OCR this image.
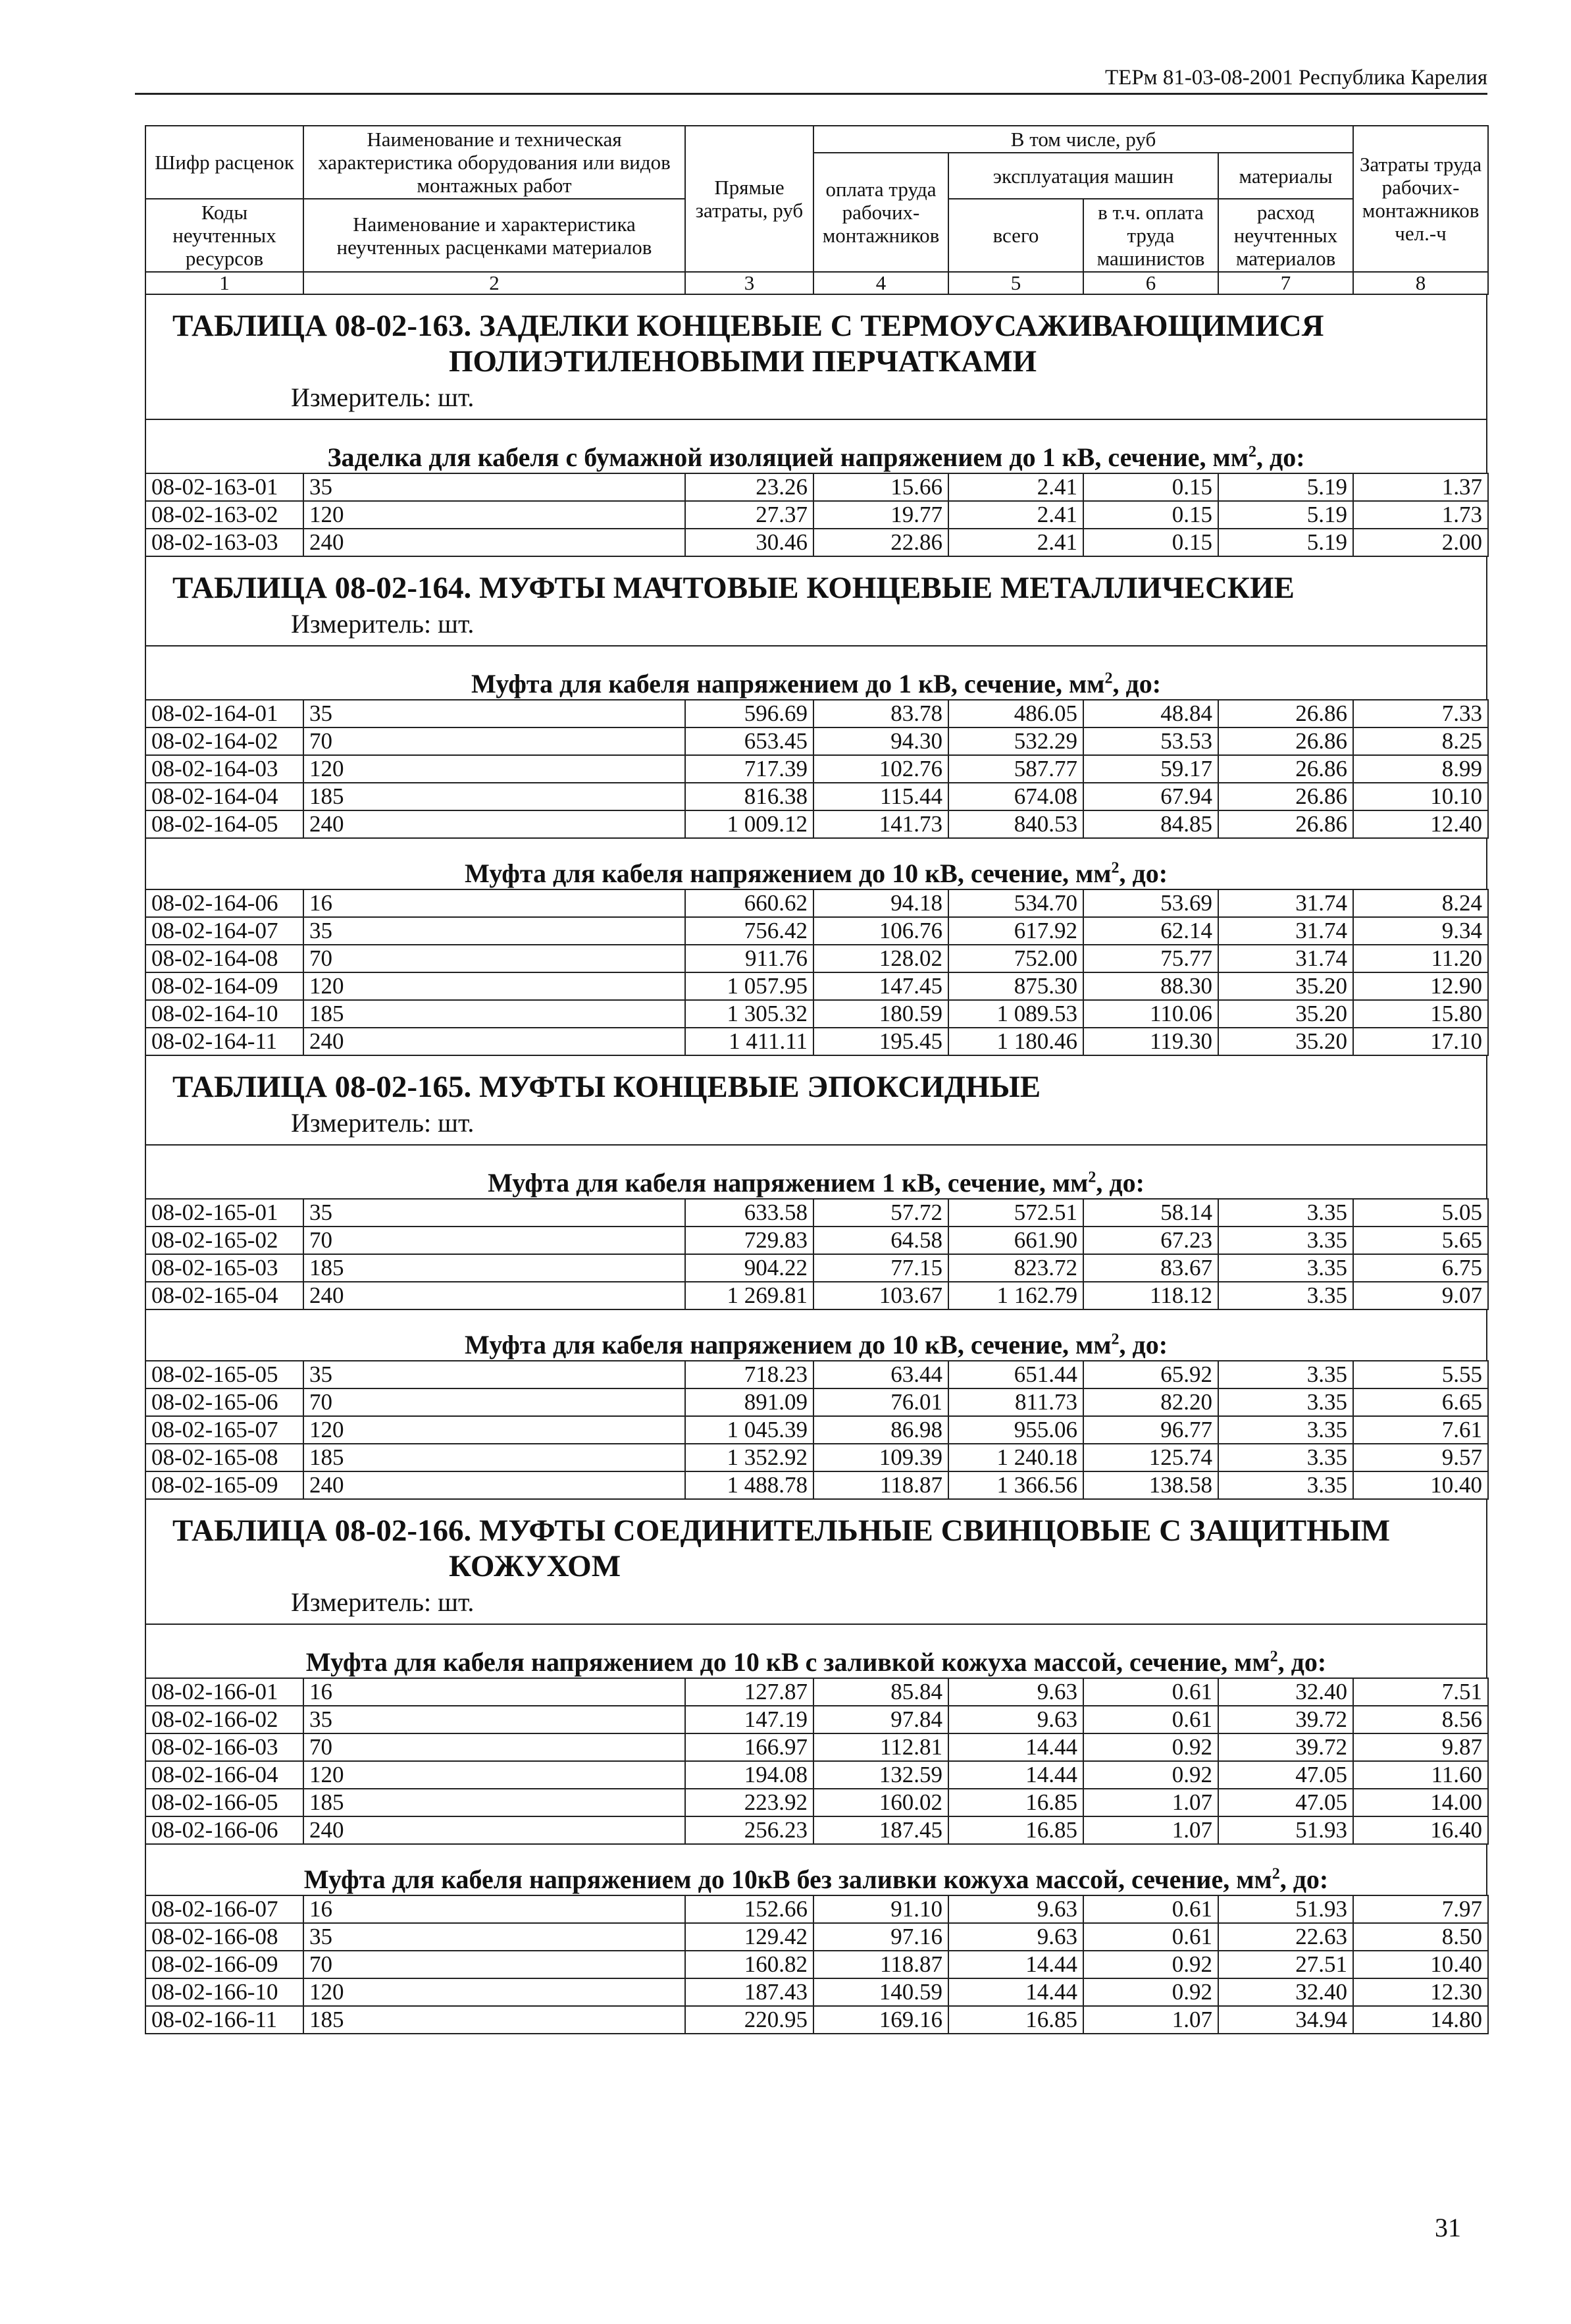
ТЕРм 81-03-08-2001 Республика Карелия
Шифр расценок	Наименование и техническая характеристика оборудования или видов монтажных работ	Прямые затраты, руб	В том числе, руб				Затраты труда рабочих-монтажников чел.-ч
			оплата труда рабочих-монтажников	эксплуатация машин		материалы	
Коды неучтенных ресурсов	Наименование и характеристика неучтенных расценками материалов			всего	в т.ч. оплата труда машинистов	расход неучтенных материалов	

1	2	3	4	5	6	7	8
ТАБЛИЦА 08-02-163. ЗАДЕЛКИ КОНЦЕВЫЕ С ТЕРМОУСАЖИВАЮЩИМИСЯ
ПОЛИЭТИЛЕНОВЫМИ ПЕРЧАТКАМИ
Измеритель: шт.
Заделка для кабеля с бумажной изоляцией напряжением до 1 кВ, сечение, $мм^2$, до:
08-02-163-01	35	23.26	15.66	2.41	0.15	5.19	1.37
08-02-163-02	120	27.37	19.77	2.41	0.15	5.19	1.73
08-02-163-03	240	30.46	22.86	2.41	0.15	5.19	2.00
ТАБЛИЦА 08-02-164. МУФТЫ МАЧТОВЫЕ КОНЦЕВЫЕ МЕТАЛЛИЧЕСКИЕ
Измеритель: шт.
Муфта для кабеля напряжением до 1 кВ, сечение, $мм^2$, до:
08-02-164-01	35	596.69	83.78	486.05	48.84	26.86	7.33
08-02-164-02	70	653.45	94.30	532.29	53.53	26.86	8.25
08-02-164-03	120	717.39	102.76	587.77	59.17	26.86	8.99
08-02-164-04	185	816.38	115.44	674.08	67.94	26.86	10.10
08-02-164-05	240	1 009.12	141.73	840.53	84.85	26.86	12.40
Муфта для кабеля напряжением до 10 кВ, сечение, $мм^2$, до:
08-02-164-06	16	660.62	94.18	534.70	53.69	31.74	8.24
08-02-164-07	35	756.42	106.76	617.92	62.14	31.74	9.34
08-02-164-08	70	911.76	128.02	752.00	75.77	31.74	11.20
08-02-164-09	120	1 057.95	147.45	875.30	88.30	35.20	12.90
08-02-164-10	185	1 305.32	180.59	1 089.53	110.06	35.20	15.80
08-02-164-11	240	1 411.11	195.45	1 180.46	119.30	35.20	17.10
ТАБЛИЦА 08-02-165. МУФТЫ КОНЦЕВЫЕ ЭПОКСИДНЫЕ
Измеритель: шт.
Муфта для кабеля напряжением 1 кВ, сечение, $мм^2$, до:
08-02-165-01	35	633.58	57.72	572.51	58.14	3.35	5.05
08-02-165-02	70	729.83	64.58	661.90	67.23	3.35	5.65
08-02-165-03	185	904.22	77.15	823.72	83.67	3.35	6.75
08-02-165-04	240	1 269.81	103.67	1 162.79	118.12	3.35	9.07
Муфта для кабеля напряжением до 10 кВ, сечение, $мм^2$, до:
08-02-165-05	35	718.23	63.44	651.44	65.92	3.35	5.55
08-02-165-06	70	891.09	76.01	811.73	82.20	3.35	6.65
08-02-165-07	120	1 045.39	86.98	955.06	96.77	3.35	7.61
08-02-165-08	185	1 352.92	109.39	1 240.18	125.74	3.35	9.57
08-02-165-09	240	1 488.78	118.87	1 366.56	138.58	3.35	10.40
ТАБЛИЦА 08-02-166. МУФТЫ СОЕДИНИТЕЛЬНЫЕ СВИНЦОВЫЕ С ЗАЩИТНЫМ
КОЖУХОМ
Измеритель: шт.
Муфта для кабеля напряжением до 10 кВ с заливкой кожуха массой, сечение, $мм^2$, до:
08-02-166-01	16	127.87	85.84	9.63	0.61	32.40	7.51
08-02-166-02	35	147.19	97.84	9.63	0.61	39.72	8.56
08-02-166-03	70	166.97	112.81	14.44	0.92	39.72	9.87
08-02-166-04	120	194.08	132.59	14.44	0.92	47.05	11.60
08-02-166-05	185	223.92	160.02	16.85	1.07	47.05	14.00
08-02-166-06	240	256.23	187.45	16.85	1.07	51.93	16.40
Муфта для кабеля напряжением до 10кВ без заливки кожуха массой, сечение, $мм^2$, до:
08-02-166-07	16	152.66	91.10	9.63	0.61	51.93	7.97
08-02-166-08	35	129.42	97.16	9.63	0.61	22.63	8.50
08-02-166-09	70	160.82	118.87	14.44	0.92	27.51	10.40
08-02-166-10	120	187.43	140.59	14.44	0.92	32.40	12.30
08-02-166-11	185	220.95	169.16	16.85	1.07	34.94	14.80
31
